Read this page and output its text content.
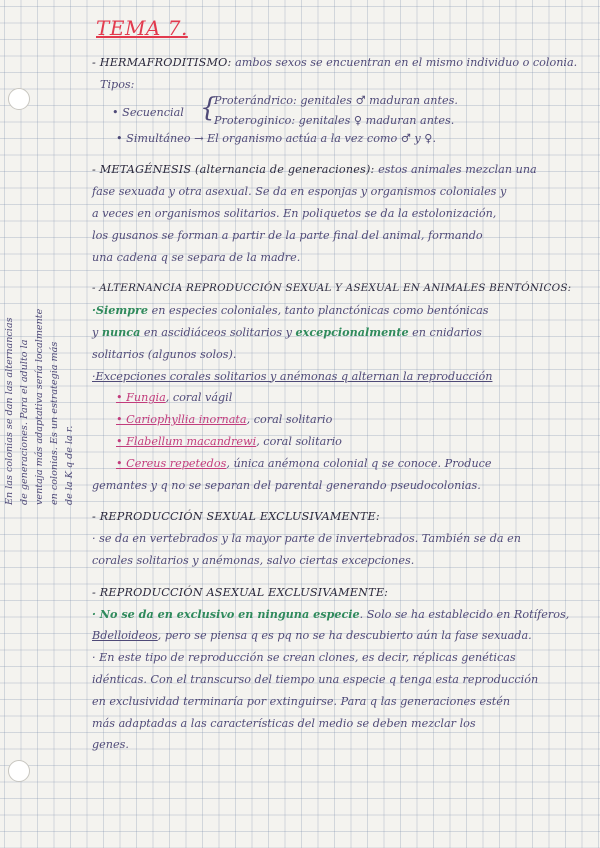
TEMA 7.
En las colonias se dan las alternancias de generaciones. Para el adulto la ventaja más adaptativa sería localmente en colonias. Es un estrategia más de la K q de la r.
- HERMAFRODITISMO: ambos sexos se encuentran en el mismo individuo o colonia.
Tipos:
• Secuencial {
Proterándrico: genitales ♂ maduran antes.
Proteroginico: genitales ♀ maduran antes.
• Simultáneo → El organismo actúa a la vez como ♂ y ♀.
- METAGÉNESIS (alternancia de generaciones): estos animales mezclan una
fase sexuada y otra asexual. Se da en esponjas y organismos coloniales y
a veces en organismos solitarios. En poliquetos se da la estolonización,
los gusanos se forman a partir de la parte final del animal, formando
una cadena q se separa de la madre.
- ALTERNANCIA REPRODUCCIÓN SEXUAL Y ASEXUAL EN ANIMALES BENTÓNICOS:
·Siempre en especies coloniales, tanto planctónicas como bentónicas
y nunca en ascidiáceos solitarios y excepcionalmente en cnidarios
solitarios (algunos solos).
·Excepciones corales solitarios y anémonas q alternan la reproducción
• Fungia, coral vágil
• Cariophyllia inornata, coral solitario
• Flabellum macandrewi, coral solitario
• Cereus repetedos, única anémona colonial q se conoce. Produce
gemantes y q no se separan del parental generando pseudocolonias.
- REPRODUCCIÓN SEXUAL EXCLUSIVAMENTE:
· se da en vertebrados y la mayor parte de invertebrados. También se da en
corales solitarios y anémonas, salvo ciertas excepciones.
- REPRODUCCIÓN ASEXUAL EXCLUSIVAMENTE:
· No se da en exclusivo en ninguna especie. Solo se ha establecido en Rotíferos,
Bdelloideos, pero se piensa q es pq no se ha descubierto aún la fase sexuada.
· En este tipo de reproducción se crean clones, es decir, réplicas genéticas
idénticas. Con el transcurso del tiempo una especie q tenga esta reproducción
en exclusividad terminaría por extinguirse. Para q las generaciones estén
más adaptadas a las características del medio se deben mezclar los
genes.
